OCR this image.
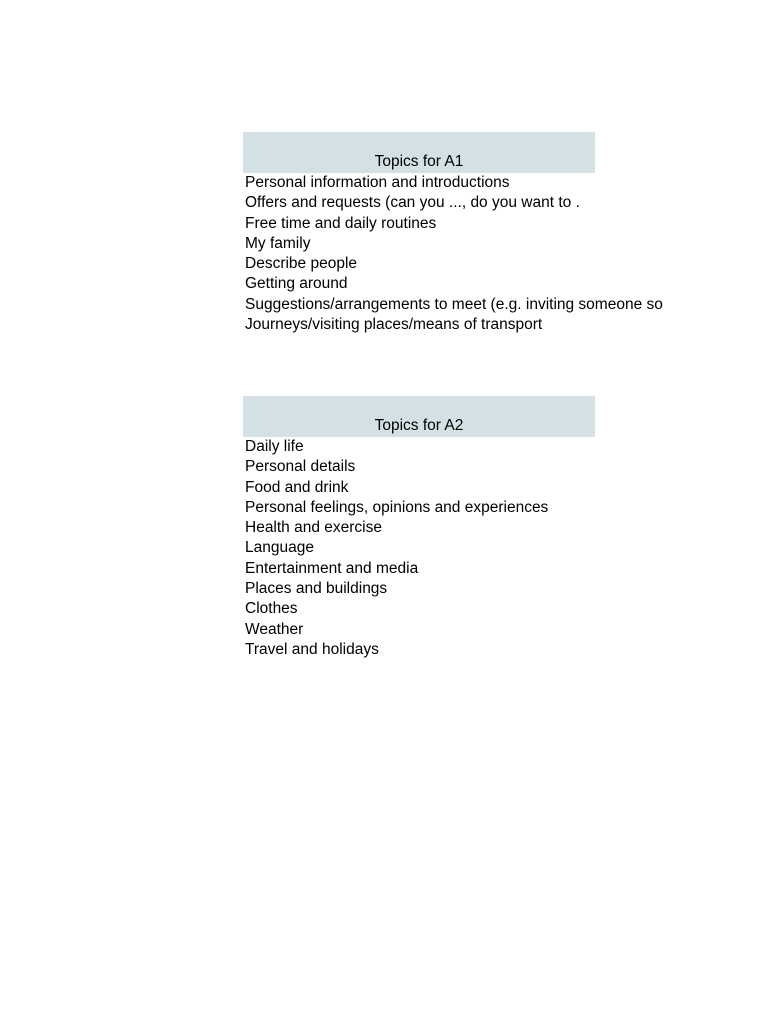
Topics for A1
Personal information and introductions
Offers and requests (can you ..., do you want to .
Free time and daily routines
My family
Describe people
Getting around
Suggestions/arrangements to meet (e.g. inviting someone so
Journeys/visiting places/means of transport
Topics for A2
Daily life
Personal details
Food and drink
Personal feelings, opinions and experiences
Health and exercise
Language
Entertainment and media
Places and buildings
Clothes
Weather
Travel and holidays
